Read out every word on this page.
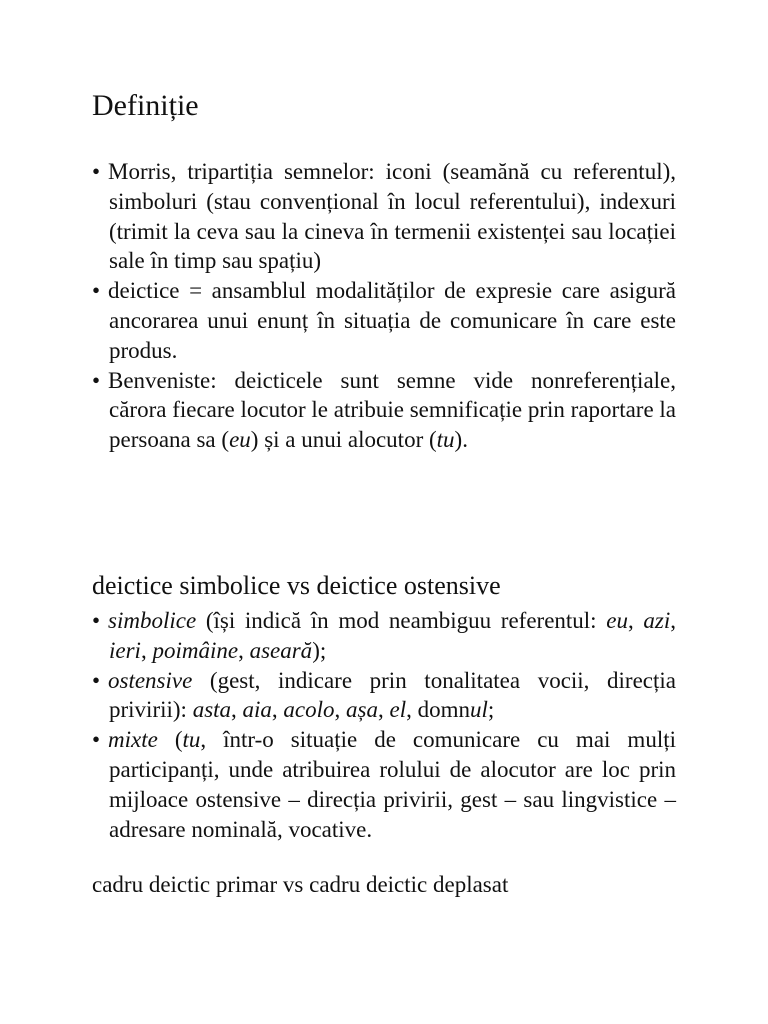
Definiție
•Morris, tripartiția semnelor: iconi (seamănă cu referentul), simboluri (stau convențional în locul referentului), indexuri (trimit la ceva sau la cineva în termenii existenței sau locației sale în timp sau spațiu)
•deictice = ansamblul modalităților de expresie care asigură ancorarea unui enunț în situația de comunicare în care este produs.
•Benveniste: deicticele sunt semne vide nonreferențiale, cărora fiecare locutor le atribuie semnificație prin raportare la persoana sa (eu) și a unui alocutor (tu).
deictice simbolice vs deictice ostensive
•simbolice (își indică în mod neambiguu referentul: eu, azi, ieri, poimâine, aseară);
•ostensive (gest, indicare prin tonalitatea vocii, direcția privirii): asta, aia, acolo, așa, el, domnul;
•mixte (tu, într-o situație de comunicare cu mai mulți participanți, unde atribuirea rolului de alocutor are loc prin mijloace ostensive – direcția privirii, gest – sau lingvistice – adresare nominală, vocative.

cadru deictic primar vs cadru deictic deplasat
